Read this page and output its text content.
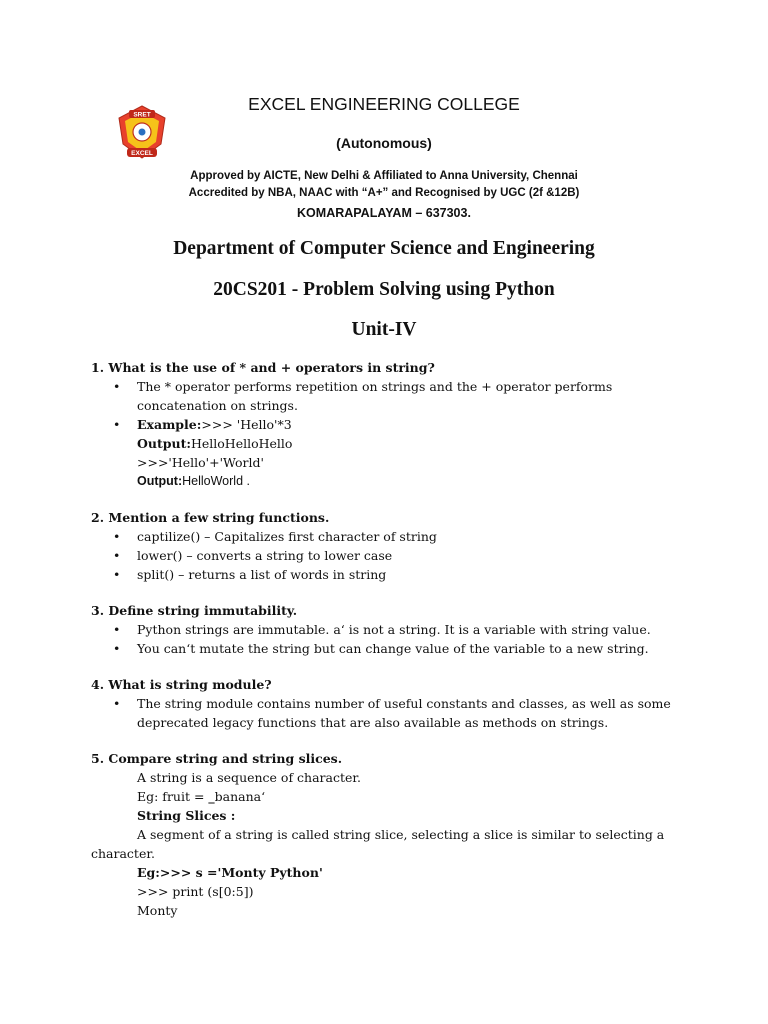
SRET
EXCEL
EXCEL ENGINEERING COLLEGE
(Autonomous)
Approved by AICTE, New Delhi & Affiliated to Anna University, Chennai
Accredited by NBA, NAAC with “A+” and Recognised by UGC (2f &12B)
KOMARAPALAYAM – 637303.
Department of Computer Science and Engineering
20CS201 - Problem Solving using Python
Unit-IV

1. What is the use of * and + operators in string?

• The * operator performs repetition on strings and the + operator performs concatenation on strings.
• Example:>>> 'Hello'*3
Output:HelloHelloHello
>>>'Hello'+'World'
Output:HelloWorld .

2. Mention a few string functions.

• captilize() – Capitalizes first character of string
• lower() – converts a string to lower case
• split() – returns a list of words in string

3. Define string immutability.

• Python strings are immutable. a‘ is not a string. It is a variable with string value.
• You can‘t mutate the string but can change value of the variable to a new string.

4. What is string module?

• The string module contains number of useful constants and classes, as well as some deprecated legacy functions that are also available as methods on strings.

5. Compare string and string slices.

A string is a sequence of character.
Eg: fruit = ‗banana‘
String Slices :
A segment of a string is called string slice, selecting a slice is similar to selecting a character.
Eg:>>> s ='Monty Python'
>>> print (s[0:5])
Monty
